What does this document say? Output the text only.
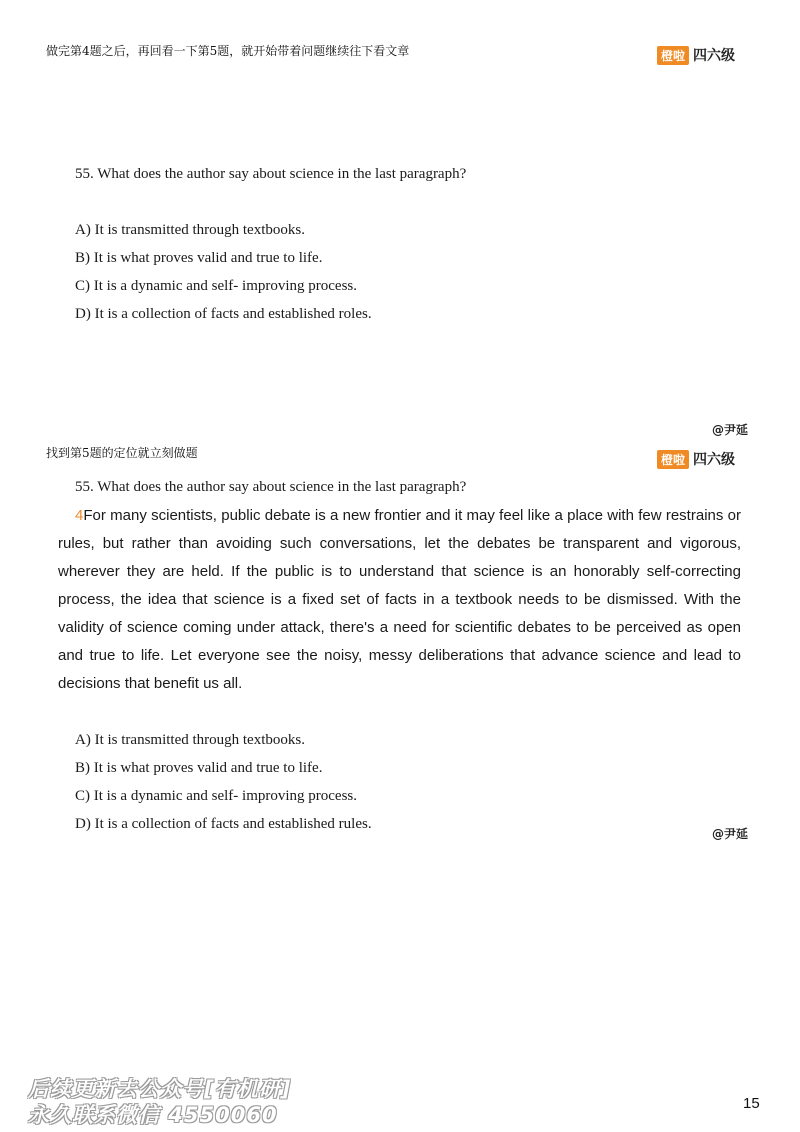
做完第4题之后，再回看一下第5题，就开始带着问题继续往下看文章	橙啦 四六级
55. What does the author say about science in the last paragraph?
A) It is transmitted through textbooks.
B) It is what proves valid and true to life.
C) It is a dynamic and self- improving process.
D) It is a collection of facts and established roles.
@尹延
找到第5题的定位就立刻做题	橙啦 四六级
55. What does the author say about science in the last paragraph?
4For many scientists, public debate is a new frontier and it may feel like a place with few restrains or rules, but rather than avoiding such conversations, let the debates be transparent and vigorous, wherever they are held. If the public is to understand that science is an honorably self-correcting process, the idea that science is a fixed set of facts in a textbook needs to be dismissed. With the validity of science coming under attack, there's a need for scientific debates to be perceived as open and true to life. Let everyone see the noisy, messy deliberations that advance science and lead to decisions that benefit us all.
A) It is transmitted through textbooks.
B) It is what proves valid and true to life.
C) It is a dynamic and self- improving process.
D) It is a collection of facts and established rules.
@尹延
后续更新去公众号[有机研]
永久联系微信 4550060	15
